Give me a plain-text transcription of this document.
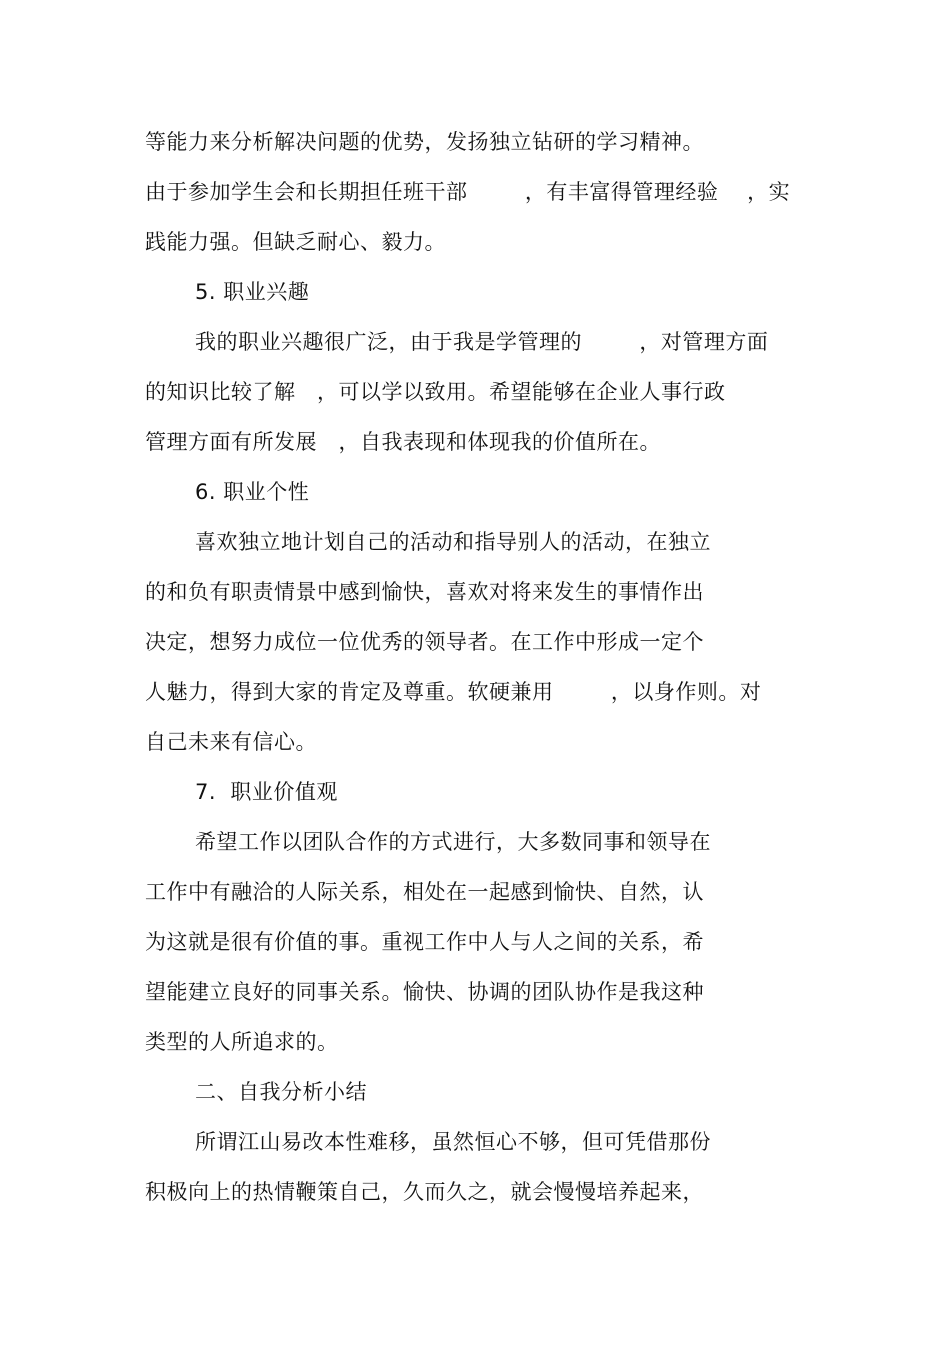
等能力来分析解决问题的优势，发扬独立钻研的学习精神。
由于参加学生会和长期担任班干部        ，有丰富得管理经验    ，实
践能力强。但缺乏耐心、毅力。
5. 职业兴趣
我的职业兴趣很广泛，由于我是学管理的        ，对管理方面
的知识比较了解   ，可以学以致用。希望能够在企业人事行政
管理方面有所发展   ，自我表现和体现我的价值所在。
6. 职业个性
喜欢独立地计划自己的活动和指导别人的活动，在独立
的和负有职责情景中感到愉快，喜欢对将来发生的事情作出
决定，想努力成位一位优秀的领导者。在工作中形成一定个
人魅力，得到大家的肯定及尊重。软硬兼用        ，以身作则。对
自己未来有信心。
7.  职业价值观
希望工作以团队合作的方式进行，大多数同事和领导在
工作中有融洽的人际关系，相处在一起感到愉快、自然，认
为这就是很有价值的事。重视工作中人与人之间的关系，希
望能建立良好的同事关系。愉快、协调的团队协作是我这种
类型的人所追求的。
二、自我分析小结
所谓江山易改本性难移，虽然恒心不够，但可凭借那份
积极向上的热情鞭策自己，久而久之，就会慢慢培养起来，
